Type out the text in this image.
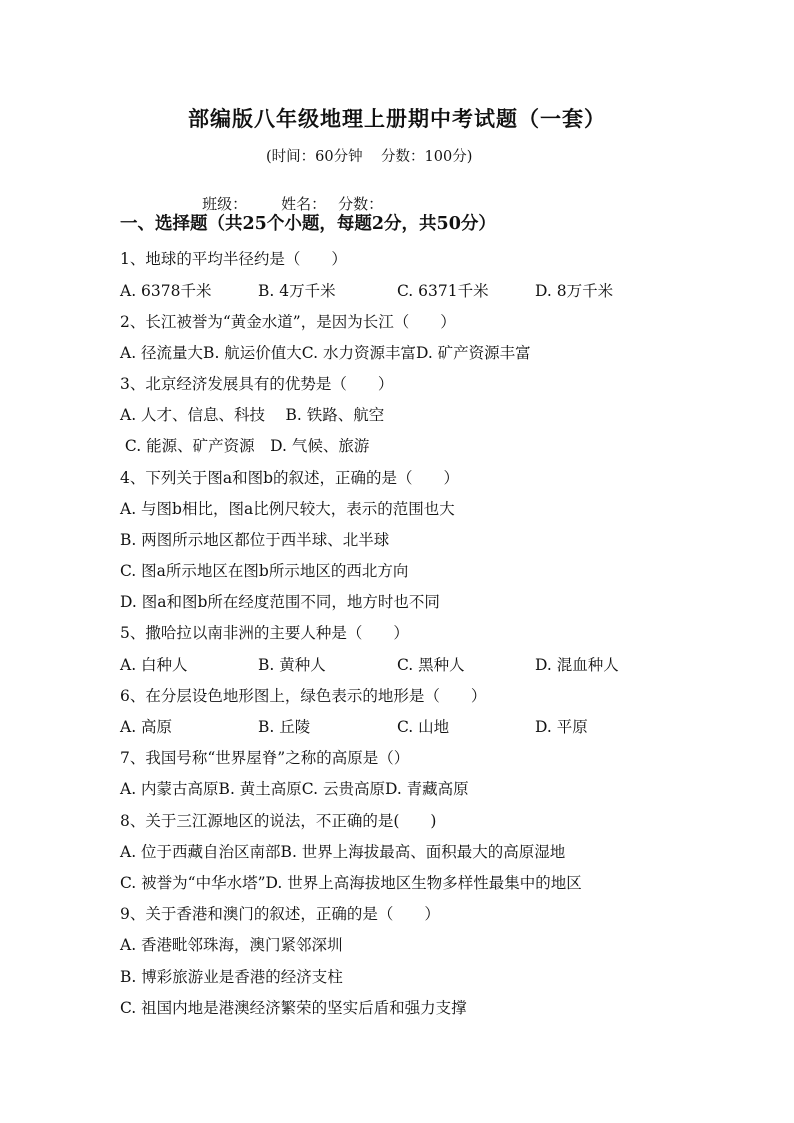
部编版八年级地理上册期中考试题（一套）
(时间：60分钟    分数：100分)

班级： 姓名： 分数：

一、选择题（共25个小题，每题2分，共50分）
1、地球的平均半径约是（　　）
A. 6378千米	B. 4万千米	C. 6371千米	D. 8万千米
2、长江被誉为“黄金水道”，是因为长江（　　）
A. 径流量大B. 航运价值大C. 水力资源丰富D. 矿产资源丰富
3、北京经济发展具有的优势是（　　）
A. 人才、信息、科技　 B. 铁路、航空
C. 能源、矿产资源　D. 气候、旅游
4、下列关于图a和图b的叙述，正确的是（　　）
A. 与图b相比，图a比例尺较大，表示的范围也大
B. 两图所示地区都位于西半球、北半球
C. 图a所示地区在图b所示地区的西北方向
D. 图a和图b所在经度范围不同，地方时也不同
5、撒哈拉以南非洲的主要人种是（　　）
A. 白种人	B. 黄种人	C. 黑种人	D. 混血种人
6、在分层设色地形图上，绿色表示的地形是（　　）
A. 高原	B. 丘陵	C. 山地	D. 平原
7、我国号称“世界屋脊”之称的高原是（）
A. 内蒙古高原B. 黄土高原C. 云贵高原D. 青藏高原
8、关于三江源地区的说法，不正确的是(　　)
A. 位于西藏自治区南部B. 世界上海拔最高、面积最大的高原湿地
C. 被誉为“中华水塔”D. 世界上高海拔地区生物多样性最集中的地区
9、关于香港和澳门的叙述，正确的是（　　）
A. 香港毗邻珠海，澳门紧邻深圳
B. 博彩旅游业是香港的经济支柱
C. 祖国内地是港澳经济繁荣的坚实后盾和强力支撑
